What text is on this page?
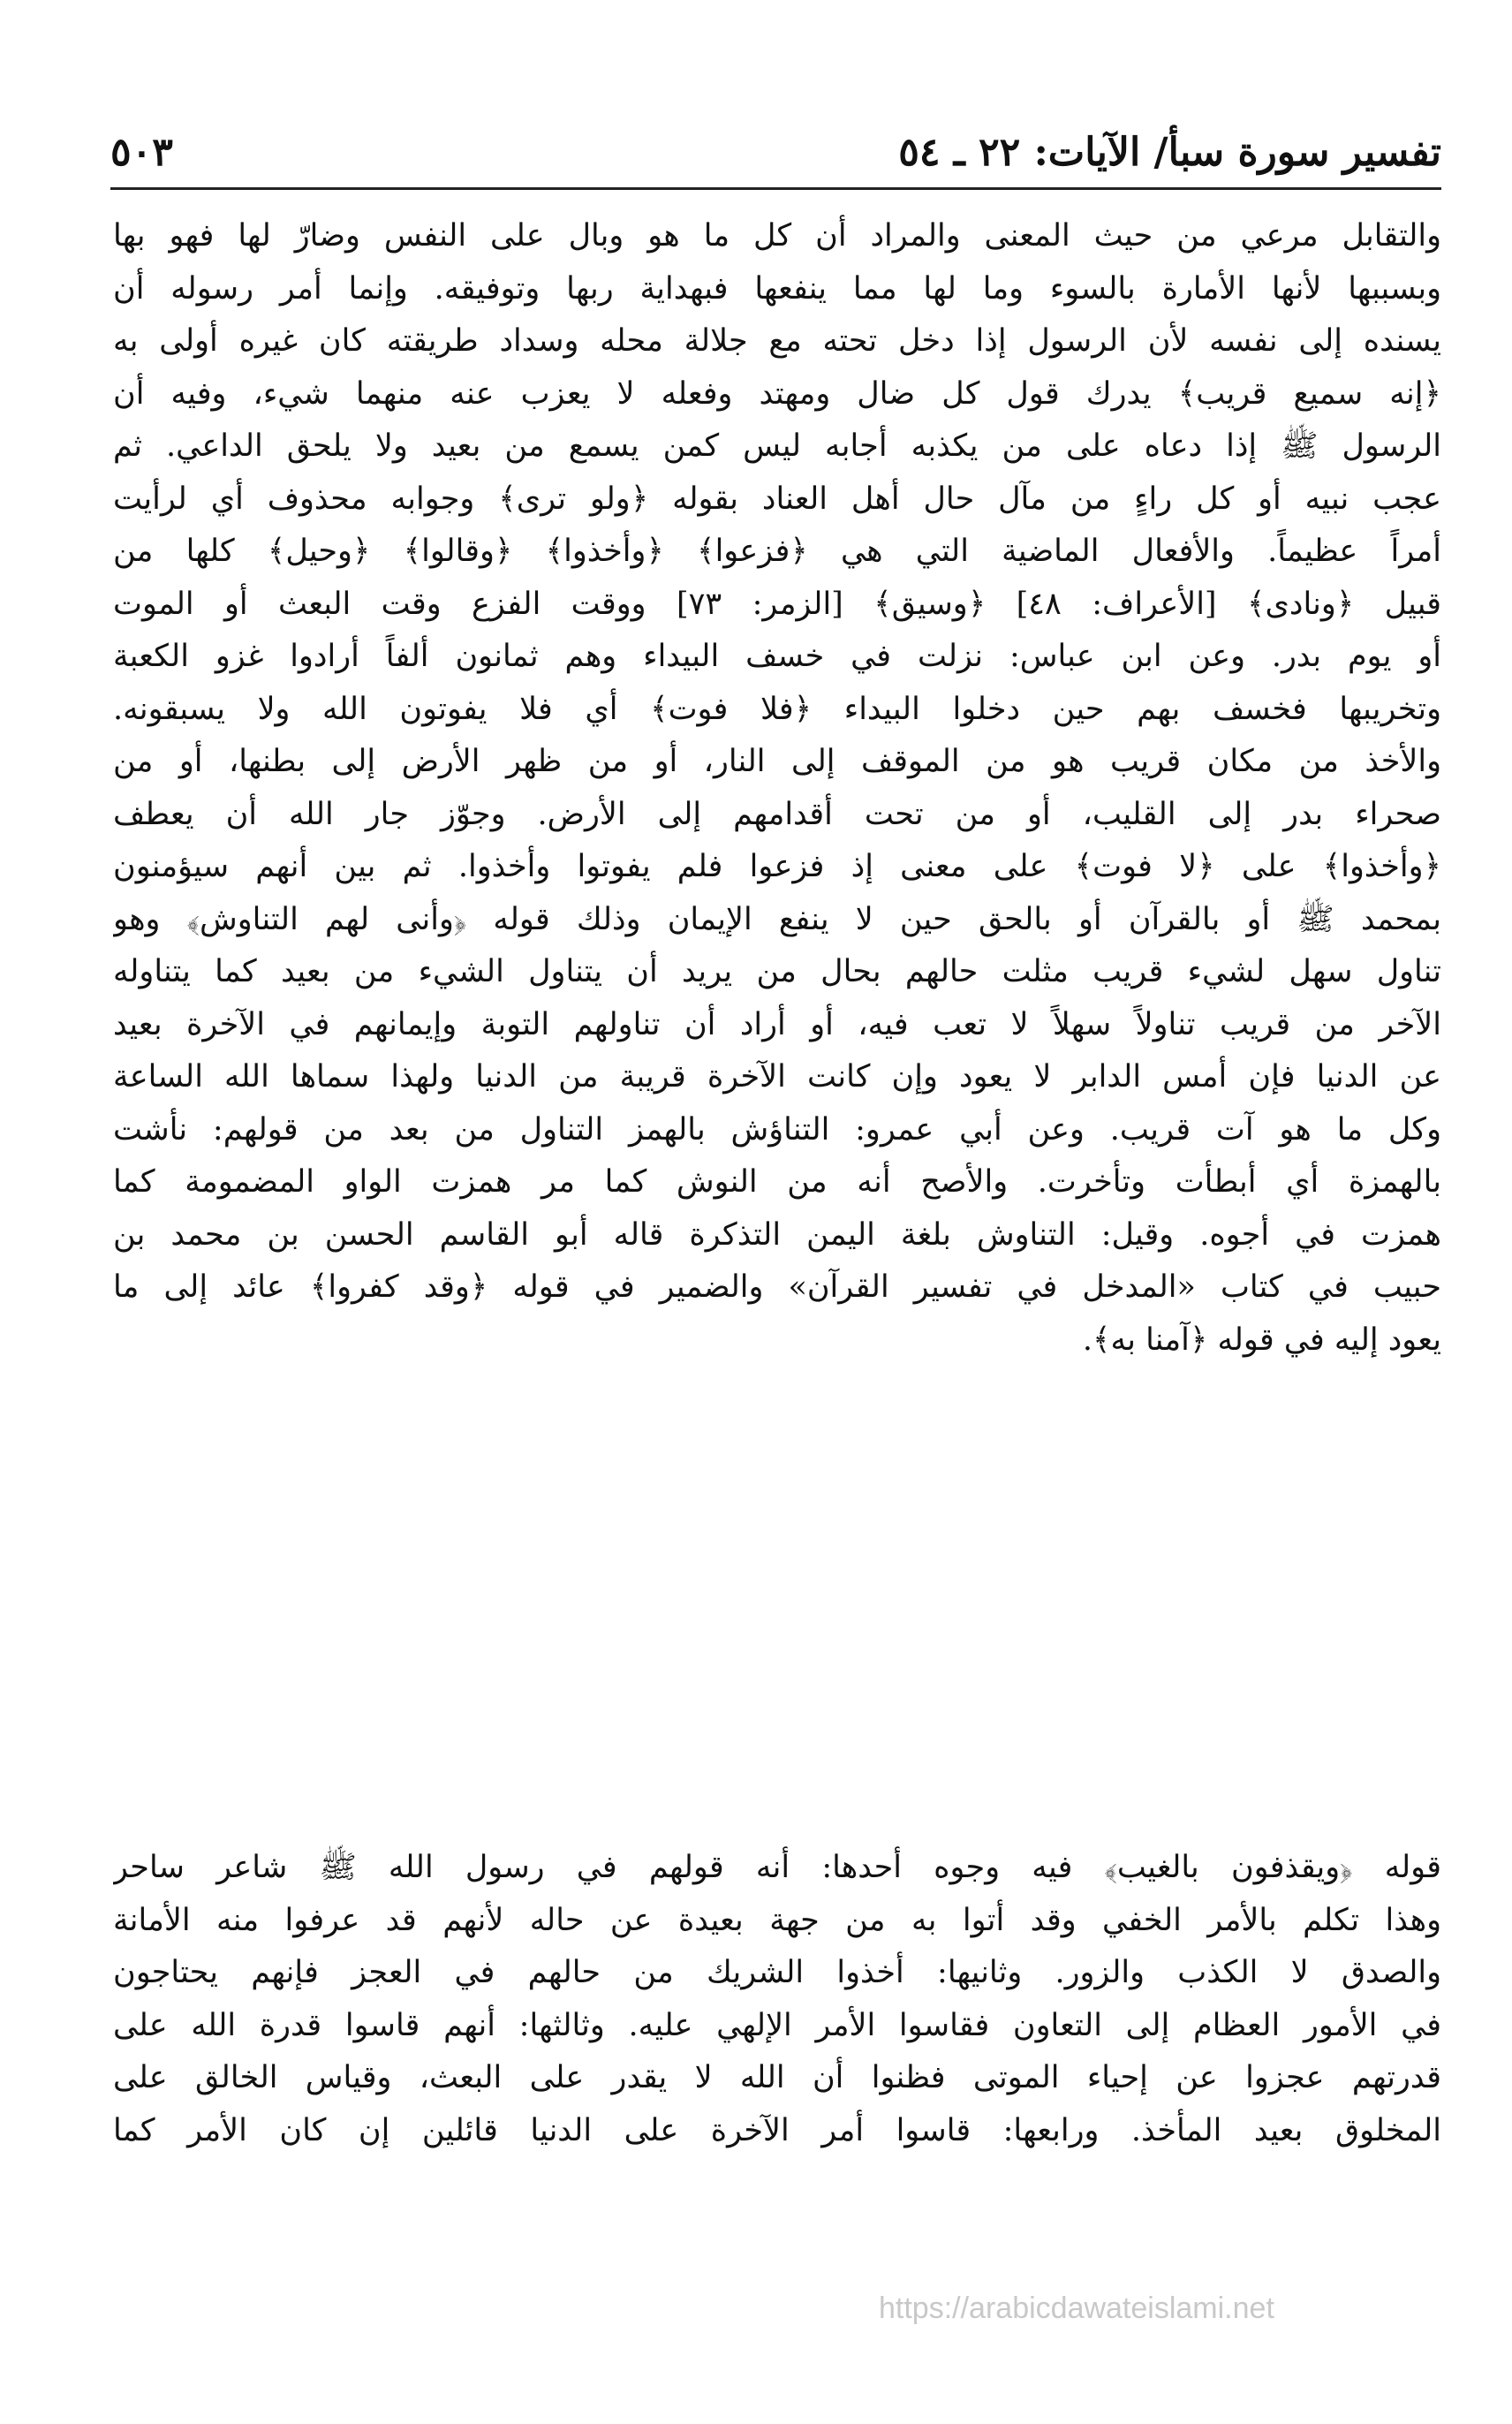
تفسير سورة سبأ/ الآيات: ٢٢ ـ ٥٤
٥٠٣
والتقابل مرعي من حيث المعنى والمراد أن كل ما هو وبال على النفس وضارّ لها فهو بها
وبسببها لأنها الأمارة بالسوء وما لها مما ينفعها فبهداية ربها وتوفيقه. وإنما أمر رسوله أن
يسنده إلى نفسه لأن الرسول إذا دخل تحته مع جلالة محله وسداد طريقته كان غيره أولى به
﴿إنه سميع قريب﴾ يدرك قول كل ضال ومهتد وفعله لا يعزب عنه منهما شيء، وفيه أن
الرسول ﷺ إذا دعاه على من يكذبه أجابه ليس كمن يسمع من بعيد ولا يلحق الداعي. ثم
عجب نبيه أو كل راءٍ من مآل حال أهل العناد بقوله ﴿ولو ترى﴾ وجوابه محذوف أي لرأيت
أمراً عظيماً. والأفعال الماضية التي هي ﴿فزعوا﴾ ﴿وأخذوا﴾ ﴿وقالوا﴾ ﴿وحيل﴾ كلها من
قبيل ﴿ونادى﴾ [الأعراف: ٤٨] ﴿وسيق﴾ [الزمر: ٧٣] ووقت الفزع وقت البعث أو الموت
أو يوم بدر. وعن ابن عباس: نزلت في خسف البيداء وهم ثمانون ألفاً أرادوا غزو الكعبة
وتخريبها فخسف بهم حين دخلوا البيداء ﴿فلا فوت﴾ أي فلا يفوتون الله ولا يسبقونه.
والأخذ من مكان قريب هو من الموقف إلى النار، أو من ظهر الأرض إلى بطنها، أو من
صحراء بدر إلى القليب، أو من تحت أقدامهم إلى الأرض. وجوّز جار الله أن يعطف
﴿وأخذوا﴾ على ﴿لا فوت﴾ على معنى إذ فزعوا فلم يفوتوا وأخذوا. ثم بين أنهم سيؤمنون
بمحمد ﷺ أو بالقرآن أو بالحق حين لا ينفع الإيمان وذلك قوله ﴿وأنى لهم التناوش﴾ وهو
تناول سهل لشيء قريب مثلت حالهم بحال من يريد أن يتناول الشيء من بعيد كما يتناوله
الآخر من قريب تناولاً سهلاً لا تعب فيه، أو أراد أن تناولهم التوبة وإيمانهم في الآخرة بعيد
عن الدنيا فإن أمس الدابر لا يعود وإن كانت الآخرة قريبة من الدنيا ولهذا سماها الله الساعة
وكل ما هو آت قريب. وعن أبي عمرو: التناؤش بالهمز التناول من بعد من قولهم: نأشت
بالهمزة أي أبطأت وتأخرت. والأصح أنه من النوش كما مر همزت الواو المضمومة كما
همزت في أجوه. وقيل: التناوش بلغة اليمن التذكرة قاله أبو القاسم الحسن بن محمد بن
حبيب في كتاب «المدخل في تفسير القرآن» والضمير في قوله ﴿وقد كفروا﴾ عائد إلى ما
يعود إليه في قوله ﴿آمنا به﴾.
قوله ﴿ويقذفون بالغيب﴾ فيه وجوه أحدها: أنه قولهم في رسول الله ﷺ شاعر ساحر
وهذا تكلم بالأمر الخفي وقد أتوا به من جهة بعيدة عن حاله لأنهم قد عرفوا منه الأمانة
والصدق لا الكذب والزور. وثانيها: أخذوا الشريك من حالهم في العجز فإنهم يحتاجون
في الأمور العظام إلى التعاون فقاسوا الأمر الإلهي عليه. وثالثها: أنهم قاسوا قدرة الله على
قدرتهم عجزوا عن إحياء الموتى فظنوا أن الله لا يقدر على البعث، وقياس الخالق على
المخلوق بعيد المأخذ. ورابعها: قاسوا أمر الآخرة على الدنيا قائلين إن كان الأمر كما
https://arabicdawateislami.net
